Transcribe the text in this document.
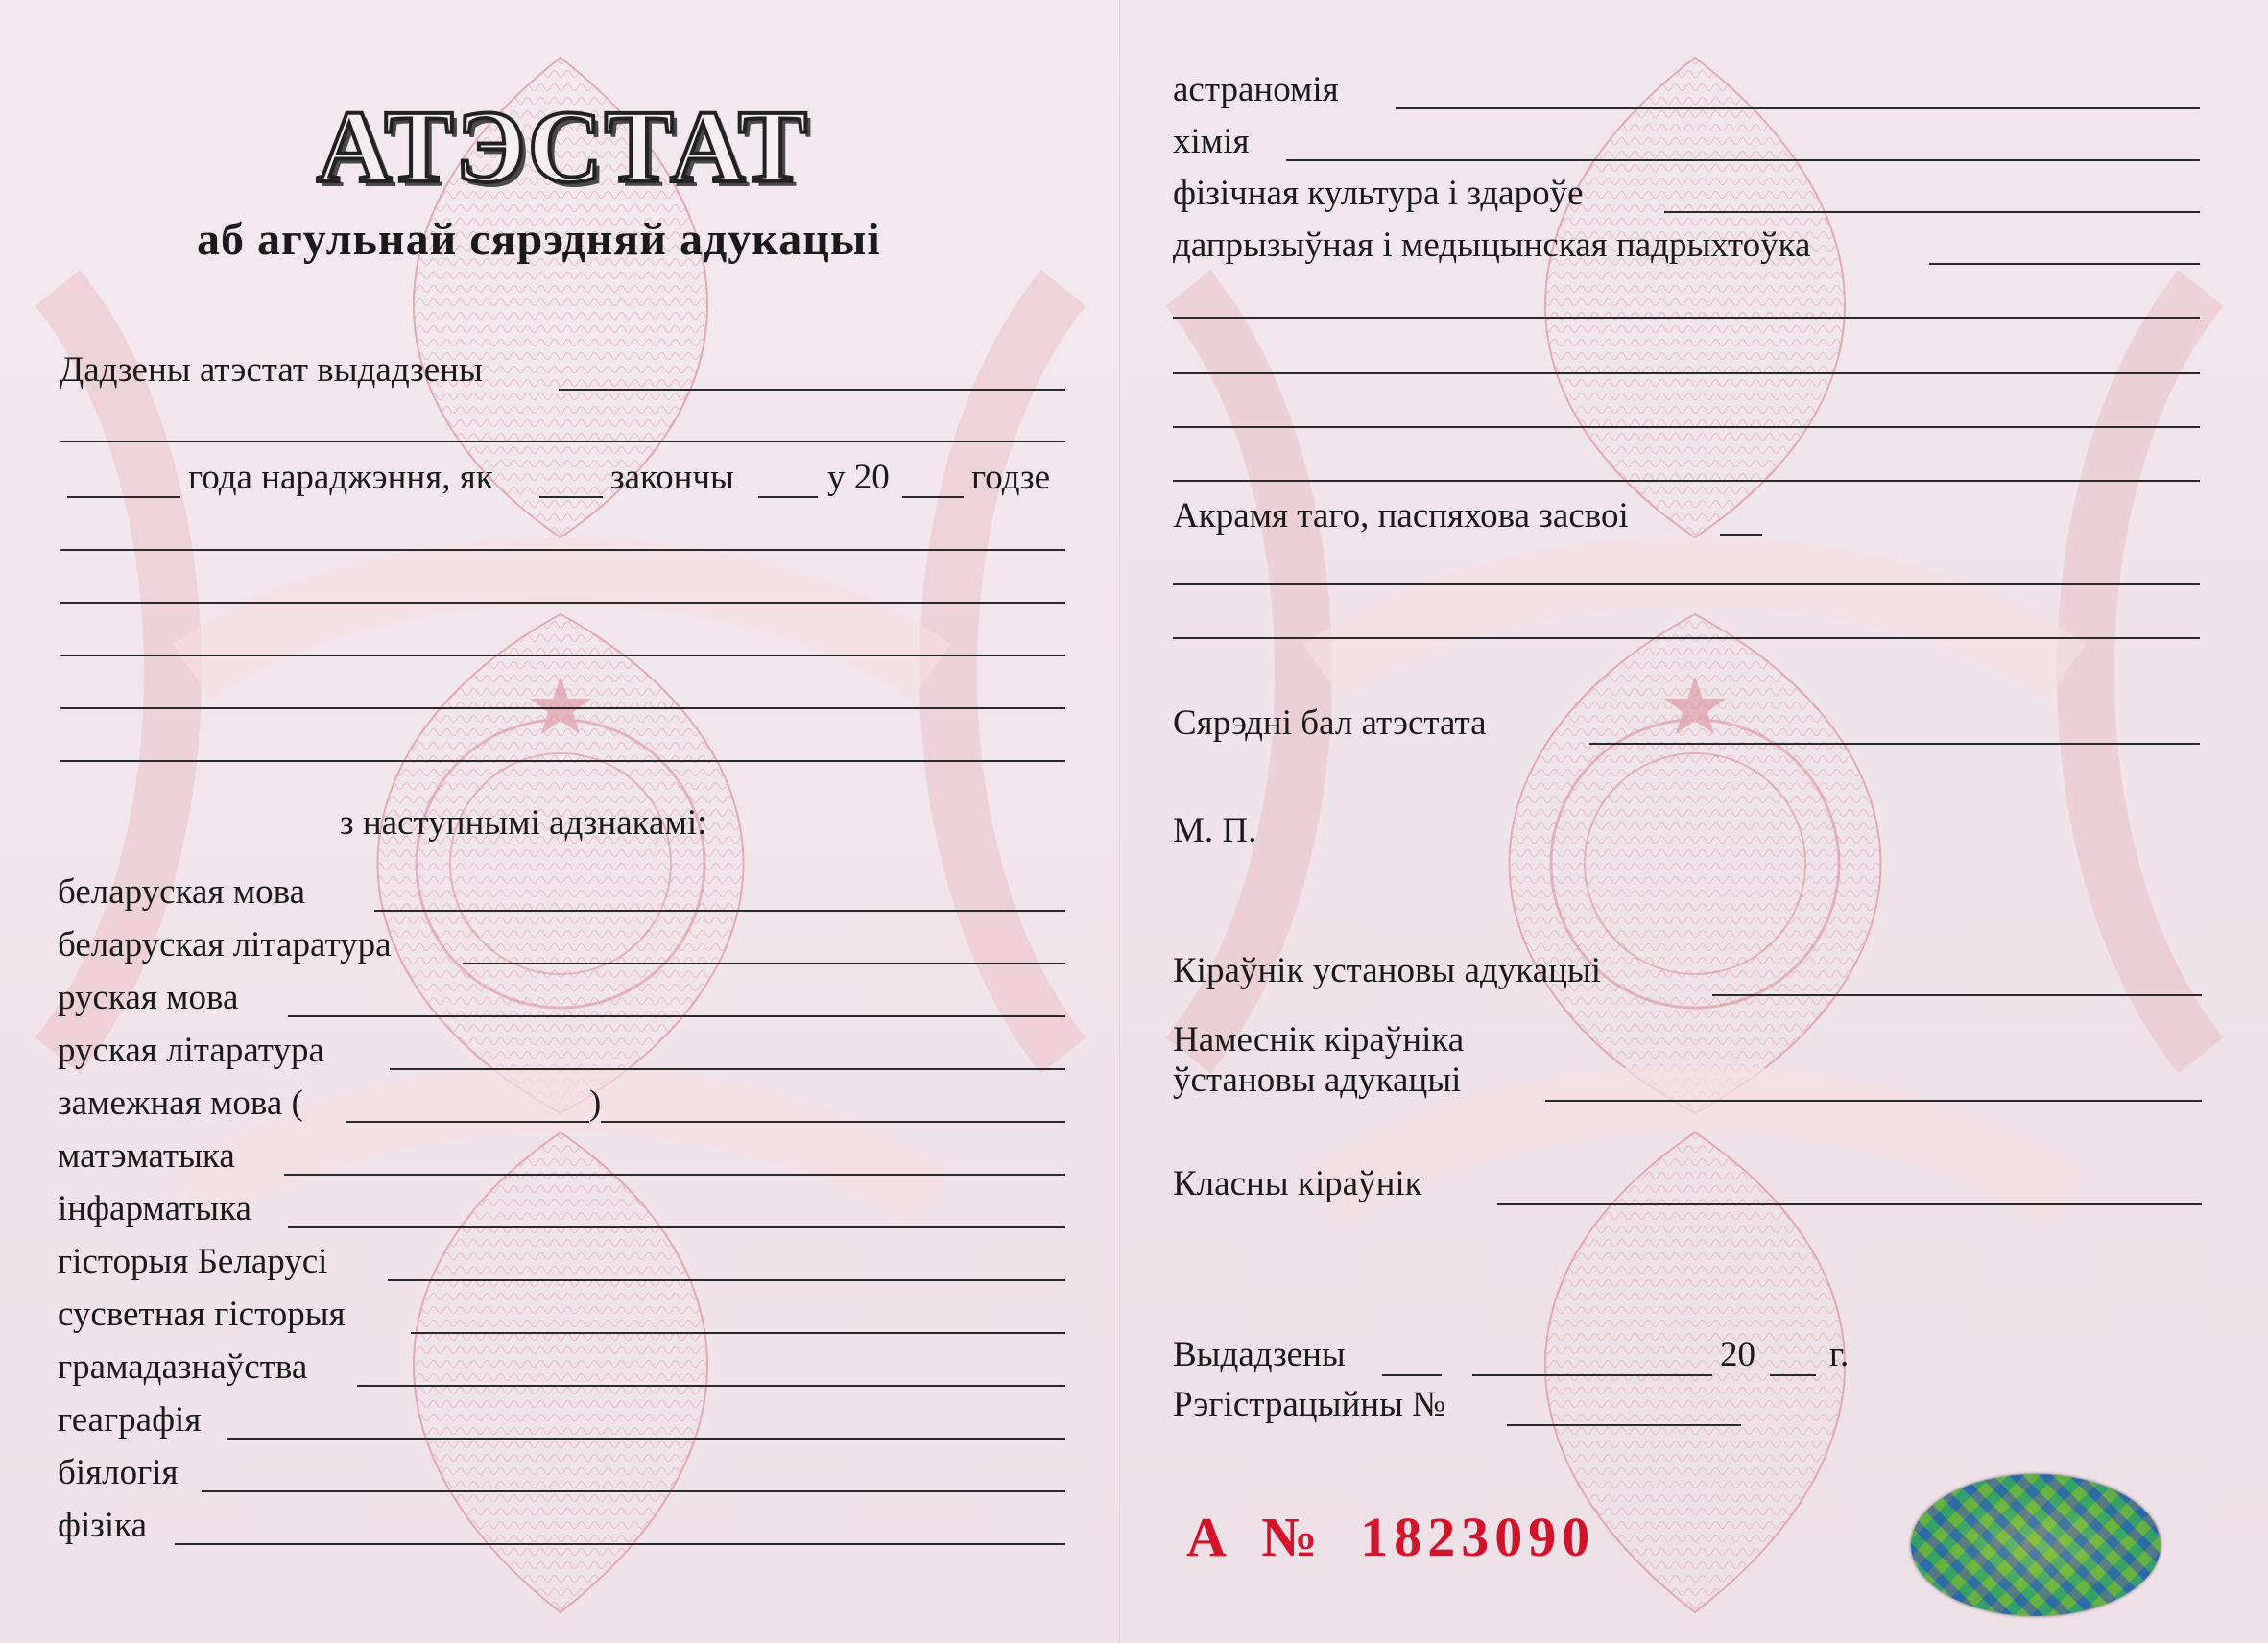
АТЭСТАТ
аб агульнай сярэдняй адукацыі
Дадзены атэстат выдадзены
года нараджэння, як	закончы	у 20 годзе
з наступнымі адзнакамі:
беларуская мова
беларуская літаратура
руская мова
руская літаратура
замежная мова (	)
матэматыка
інфарматыка
гісторыя Беларусі
сусветная гісторыя
грамадазнаўства
геаграфія
біялогія
фізіка
астраномія
хімія
фізічная культура і здароўе
дапрызыўная і медыцынская падрыхтоўка
Акрамя таго, паспяхова засвоі
Сярэдні бал атэстата
М. П.
Кіраўнік установы адукацыі
Намеснік кіраўніка
ўстановы адукацыі
Класны кіраўнік
Выдадзены	20 г.
Рэгістрацыйны №
А № 1823090
